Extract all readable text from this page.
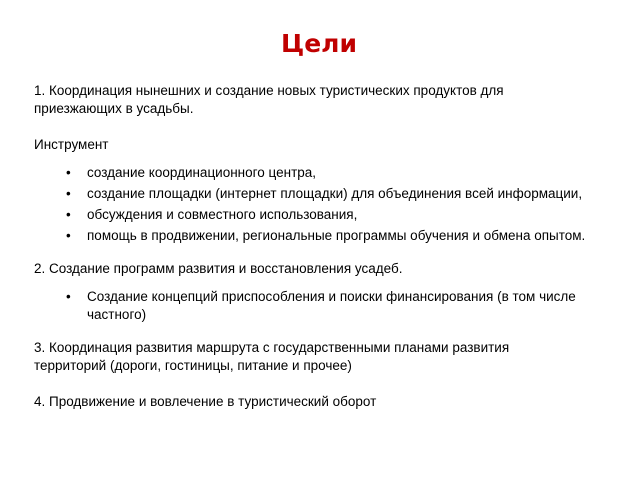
Цели

1. Координация нынешних и создание новых туристических продуктов для
приезжающих в усадьбы.

Инструмент

•	создание координационного центра,
•	создание площадки (интернет площадки) для объединения всей информации,
•	обсуждения и совместного использования,
•	помощь в продвижении, региональные программы обучения и обмена опытом.

2. Создание программ развития и восстановления усадеб.

•	Создание концепций приспособления и поиски финансирования (в том числе
частного)

3. Координация развития маршрута с государственными планами развития
территорий (дороги, гостиницы, питание и прочее)

4. Продвижение и вовлечение в туристический оборот
